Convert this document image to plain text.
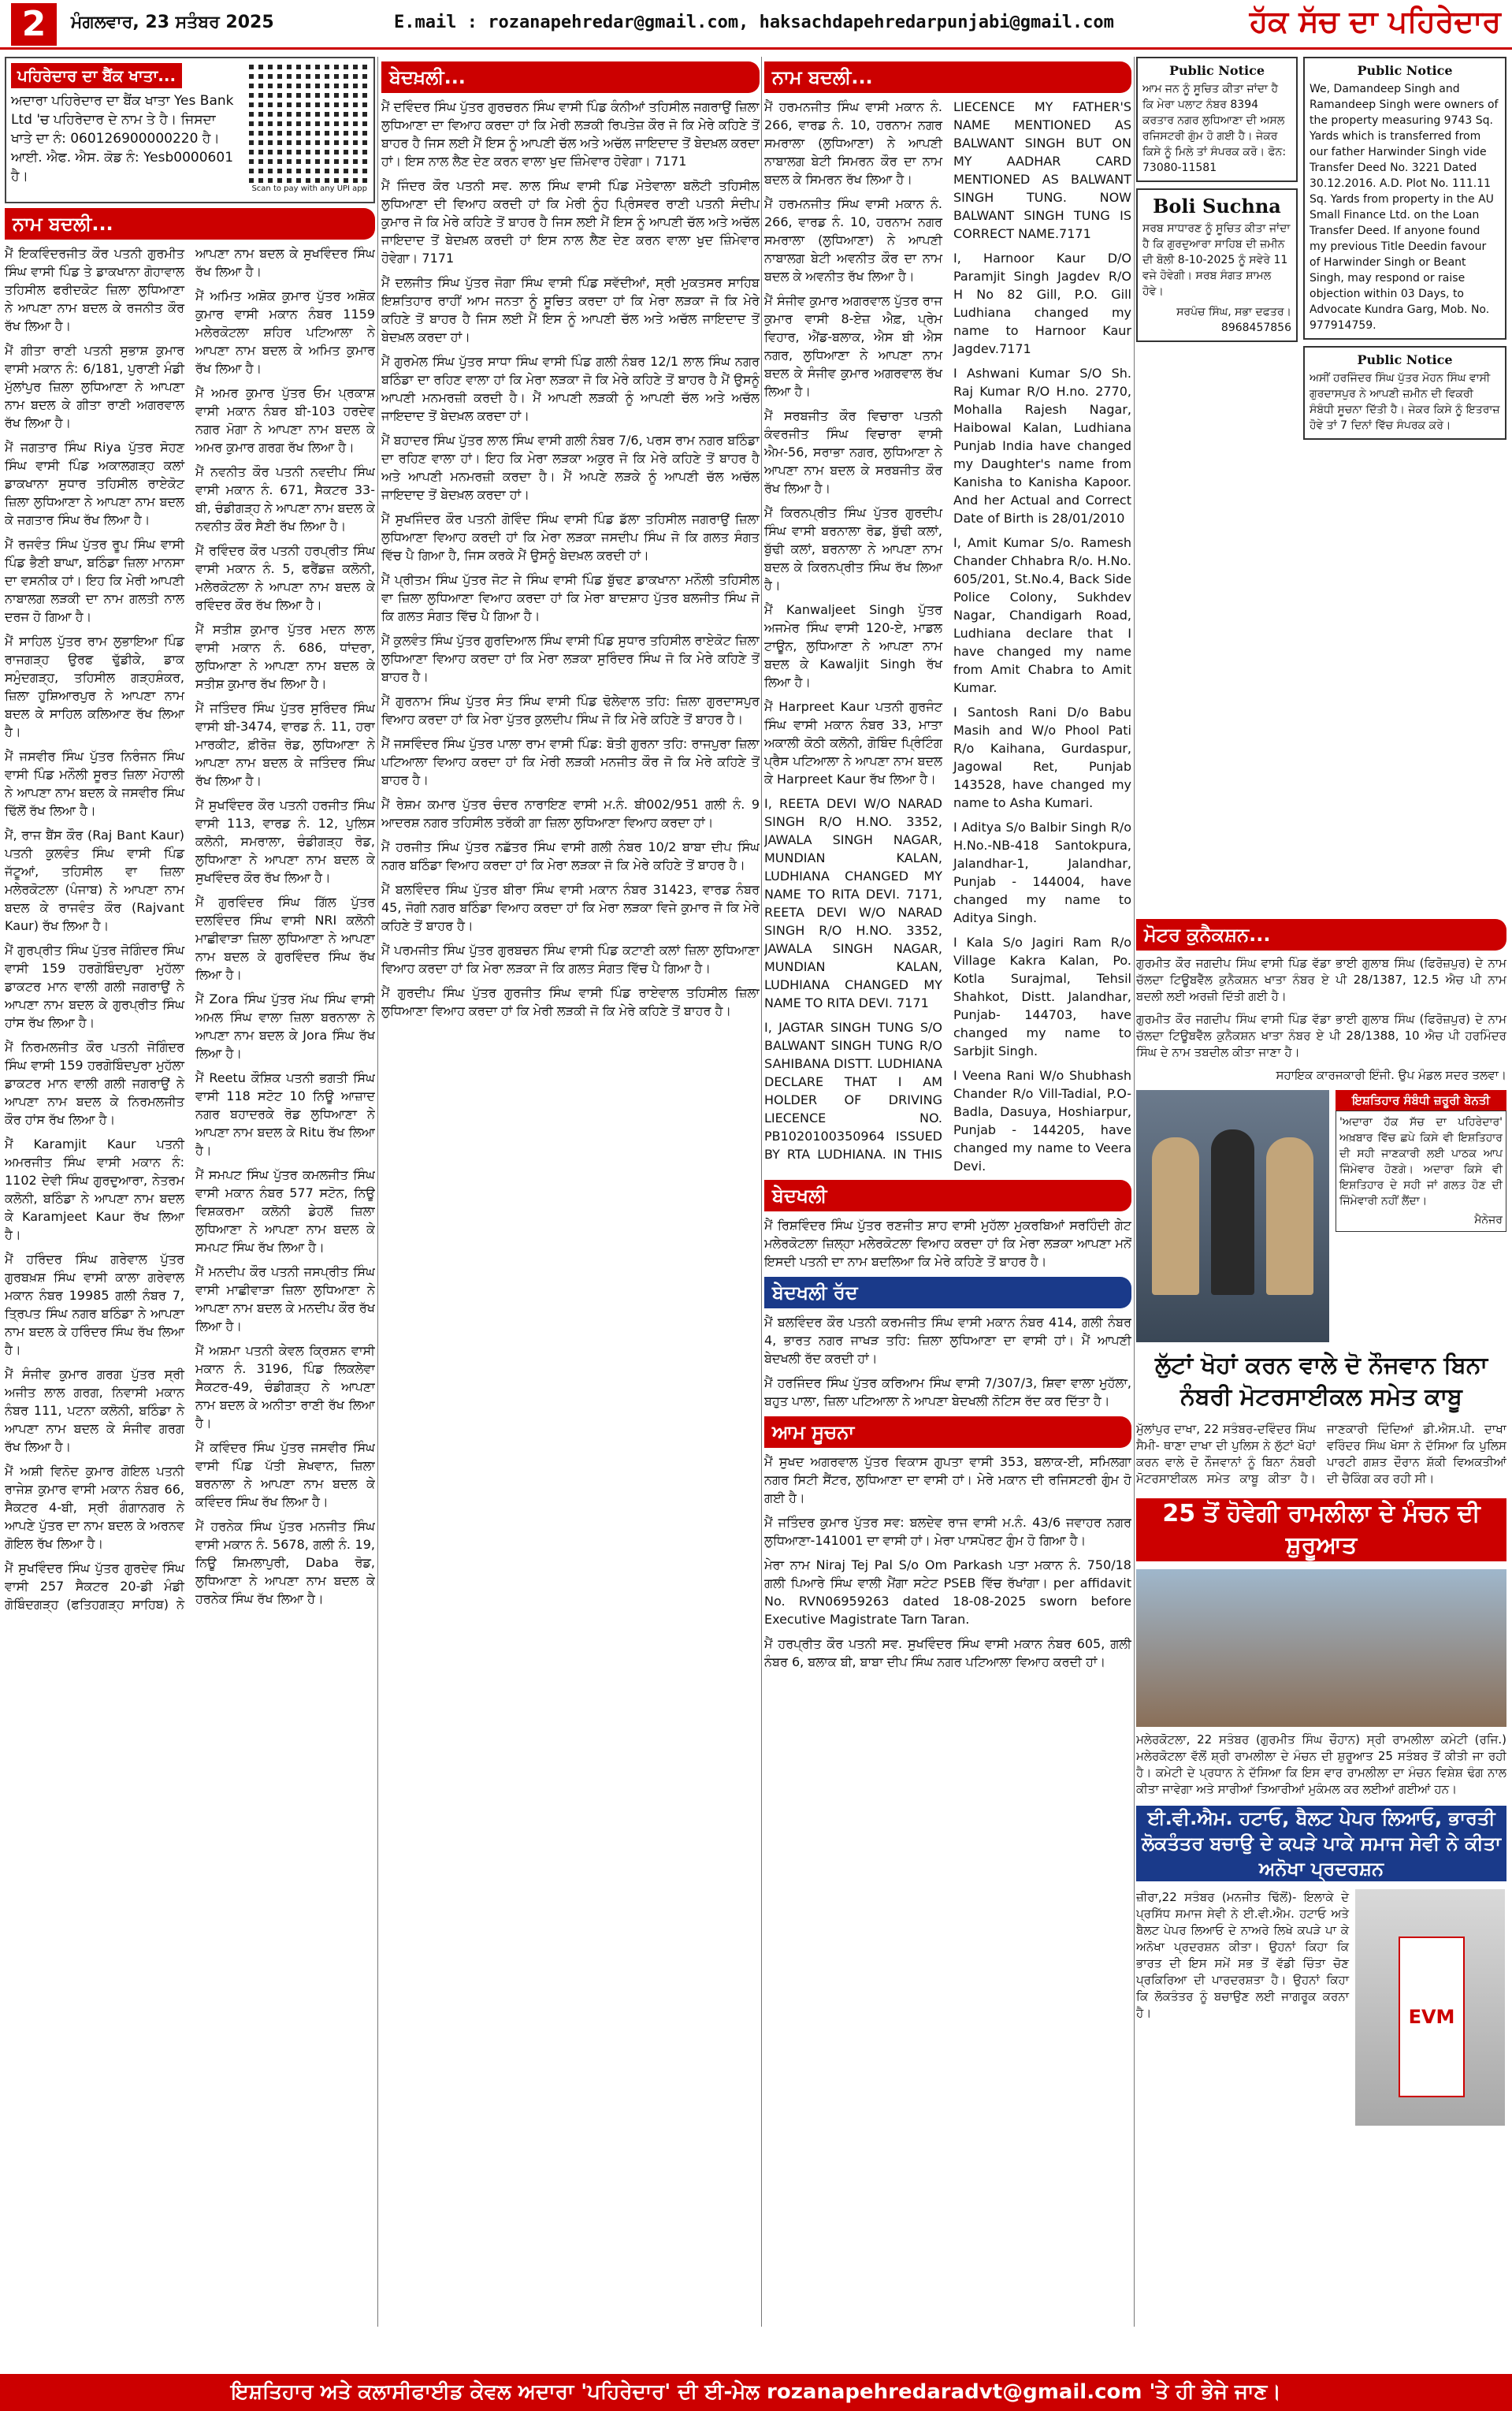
2	ਮੰਗਲਵਾਰ, 23 ਸਤੰਬਰ 2025	E.mail : rozanapehredar@gmail.com, haksachdapehredarpunjabi@gmail.com	ਹੱਕ ਸੱਚ ਦਾ ਪਹਿਰੇਦਾਰ
ਪਹਿਰੇਦਾਰ ਦਾ ਬੈਂਕ ਖਾਤਾ...

ਅਦਾਰਾ ਪਹਿਰੇਦਾਰ ਦਾ ਬੈਂਕ ਖਾਤਾ Yes Bank Ltd 'ਚ ਪਹਿਰੇਦਾਰ ਦੇ ਨਾਮ ਤੇ ਹੈ। ਜਿਸਦਾ ਖਾਤੇ ਦਾ ਨੰ: 060126900000220 ਹੈ। ਆਈ. ਐਫ. ਐਸ. ਕੋਡ ਨੰ: Yesb0000601 ਹੈ।

Scan to pay with any UPI app
ਨਾਮ ਬਦਲੀ...

ਮੈਂ ਇਕਵਿੰਦਰਜੀਤ ਕੌਰ ਪਤਨੀ ਗੁਰਮੀਤ ਸਿੰਘ ਵਾਸੀ ਪਿੰਡ ਤੇ ਡਾਕਖਾਨਾ ਗੋਹਾਵਾਲ ਤਹਿਸੀਲ ਫਰੀਦਕੋਟ ਜ਼ਿਲਾ ਲੁਧਿਆਣਾ ਨੇ ਆਪਣਾ ਨਾਮ ਬਦਲ ਕੇ ਰਜਨੀਤ ਕੌਰ ਰੱਖ ਲਿਆ ਹੈ।

ਮੈਂ ਗੀਤਾ ਰਾਣੀ ਪਤਨੀ ਸੁਭਾਸ਼ ਕੁਮਾਰ ਵਾਸੀ ਮਕਾਨ ਨੰ: 6/181, ਪੁਰਾਣੀ ਮੰਡੀ ਮੁੱਲਾਂਪੁਰ ਜ਼ਿਲਾ ਲੁਧਿਆਣਾ ਨੇ ਆਪਣਾ ਨਾਮ ਬਦਲ ਕੇ ਗੀਤਾ ਰਾਣੀ ਅਗਰਵਾਲ ਰੱਖ ਲਿਆ ਹੈ।

ਮੈਂ ਜਗਤਾਰ ਸਿੰਘ Riya ਪੁੱਤਰ ਸੋਹਣ ਸਿੰਘ ਵਾਸੀ ਪਿੰਡ ਅਕਾਲਗੜ੍ਹ ਕਲਾਂ ਡਾਕਖਾਨਾ ਸੁਧਾਰ ਤਹਿਸੀਲ ਰਾਏਕੋਟ ਜ਼ਿਲਾ ਲੁਧਿਆਣਾ ਨੇ ਆਪਣਾ ਨਾਮ ਬਦਲ ਕੇ ਜਗਤਾਰ ਸਿੰਘ ਰੱਖ ਲਿਆ ਹੈ।

ਮੈਂ ਰਜਵੰਤ ਸਿੰਘ ਪੁੱਤਰ ਰੂਪ ਸਿੰਘ ਵਾਸੀ ਪਿੰਡ ਭੈਣੀ ਬਾਘਾ, ਬਠਿੰਡਾ ਜ਼ਿਲਾ ਮਾਨਸਾ ਦਾ ਵਸਨੀਕ ਹਾਂ। ਇਹ ਕਿ ਮੇਰੀ ਆਪਣੀ ਨਾਬਾਲਗ ਲੜਕੀ ਦਾ ਨਾਮ ਗਲਤੀ ਨਾਲ ਦਰਜ ਹੋ ਗਿਆ ਹੈ।

ਮੈਂ ਸਾਹਿਲ ਪੁੱਤਰ ਰਾਮ ਲੁਭਾਇਆ ਪਿੰਡ ਰਾਜਗੜ੍ਹ ਉਰਫ ਢੁੱਡੀਕੇ, ਡਾਕ ਸਮੁੰਦਗੜ੍ਹ, ਤਹਿਸੀਲ ਗੜ੍ਹਸ਼ੰਕਰ, ਜ਼ਿਲਾ ਹੁਸ਼ਿਆਰਪੁਰ ਨੇ ਆਪਣਾ ਨਾਮ ਬਦਲ ਕੇ ਸਾਹਿਲ ਕਲਿਆਣ ਰੱਖ ਲਿਆ ਹੈ।

ਮੈਂ ਜਸਵੀਰ ਸਿੰਘ ਪੁੱਤਰ ਨਿਰੰਜਨ ਸਿੰਘ ਵਾਸੀ ਪਿੰਡ ਮਨੌਲੀ ਸੂਰਤ ਜ਼ਿਲਾ ਮੋਹਾਲੀ ਨੇ ਆਪਣਾ ਨਾਮ ਬਦਲ ਕੇ ਜਸਵੀਰ ਸਿੰਘ ਢਿੱਲੋਂ ਰੱਖ ਲਿਆ ਹੈ।

ਮੈਂ, ਰਾਜ ਬੈਂਸ ਕੌਰ (Raj Bant Kaur) ਪਤਨੀ ਕੁਲਵੰਤ ਸਿੰਘ ਵਾਸੀ ਪਿੰਡ ਜੱਟੂਆਂ, ਤਹਿਸੀਲ ਵਾ ਜ਼ਿਲਾ ਮਲੇਰਕੋਟਲਾ (ਪੰਜਾਬ) ਨੇ ਆਪਣਾ ਨਾਮ ਬਦਲ ਕੇ ਰਾਜਵੰਤ ਕੌਰ (Rajvant Kaur) ਰੱਖ ਲਿਆ ਹੈ।

ਮੈਂ ਗੁਰਪ੍ਰੀਤ ਸਿੰਘ ਪੁੱਤਰ ਜੋਗਿੰਦਰ ਸਿੰਘ ਵਾਸੀ 159 ਹਰਗੋਬਿੰਦਪੁਰਾ ਮੁਹੱਲਾ ਡਾਕਟਰ ਮਾਨ ਵਾਲੀ ਗਲੀ ਜਗਰਾਉਂ ਨੇ ਆਪਣਾ ਨਾਮ ਬਦਲ ਕੇ ਗੁਰਪ੍ਰੀਤ ਸਿੰਘ ਹਾਂਸ ਰੱਖ ਲਿਆ ਹੈ।

ਮੈਂ ਨਿਰਮਲਜੀਤ ਕੌਰ ਪਤਨੀ ਜੋਗਿੰਦਰ ਸਿੰਘ ਵਾਸੀ 159 ਹਰਗੋਬਿੰਦਪੁਰਾ ਮੁਹੱਲਾ ਡਾਕਟਰ ਮਾਨ ਵਾਲੀ ਗਲੀ ਜਗਰਾਉਂ ਨੇ ਆਪਣਾ ਨਾਮ ਬਦਲ ਕੇ ਨਿਰਮਲਜੀਤ ਕੌਰ ਹਾਂਸ ਰੱਖ ਲਿਆ ਹੈ।

ਮੈਂ Karamjit Kaur ਪਤਨੀ ਅਮਰਜੀਤ ਸਿੰਘ ਵਾਸੀ ਮਕਾਨ ਨੰ: 1102 ਦੇਵੀ ਸਿੰਘ ਗੁਰਦੁਆਰਾ, ਨੇਤਰਮ ਕਲੋਨੀ, ਬਠਿੰਡਾ ਨੇ ਆਪਣਾ ਨਾਮ ਬਦਲ ਕੇ Karamjeet Kaur ਰੱਖ ਲਿਆ ਹੈ।

ਮੈਂ ਹਰਿੰਦਰ ਸਿੰਘ ਗਰੇਵਾਲ ਪੁੱਤਰ ਗੁਰਬਖ਼ਸ਼ ਸਿੰਘ ਵਾਸੀ ਕਾਲਾ ਗਰੇਵਾਲ ਮਕਾਨ ਨੰਬਰ 19985 ਗਲੀ ਨੰਬਰ 7, ਤ੍ਰਿਪਤ ਸਿੰਘ ਨਗਰ ਬਠਿੰਡਾ ਨੇ ਆਪਣਾ ਨਾਮ ਬਦਲ ਕੇ ਹਰਿੰਦਰ ਸਿੰਘ ਰੱਖ ਲਿਆ ਹੈ।

ਮੈਂ ਸੰਜੀਵ ਕੁਮਾਰ ਗਰਗ ਪੁੱਤਰ ਸ੍ਰੀ ਅਜੀਤ ਲਾਲ ਗਰਗ, ਨਿਵਾਸੀ ਮਕਾਨ ਨੰਬਰ 111, ਪਟਨਾ ਕਲੋਨੀ, ਬਠਿੰਡਾ ਨੇ ਆਪਣਾ ਨਾਮ ਬਦਲ ਕੇ ਸੰਜੀਵ ਗਰਗ ਰੱਖ ਲਿਆ ਹੈ।

ਮੈਂ ਅਸ਼ੀ ਵਿਨੋਦ ਕੁਮਾਰ ਗੋਇਲ ਪਤਨੀ ਰਾਜੇਸ਼ ਕੁਮਾਰ ਵਾਸੀ ਮਕਾਨ ਨੰਬਰ 66, ਸੈਕਟਰ 4-ਬੀ, ਸ੍ਰੀ ਗੰਗਾਨਗਰ ਨੇ ਆਪਣੇ ਪੁੱਤਰ ਦਾ ਨਾਮ ਬਦਲ ਕੇ ਅਰਨਵ ਗੋਇਲ ਰੱਖ ਲਿਆ ਹੈ।

ਮੈਂ ਸੁਖਵਿੰਦਰ ਸਿੰਘ ਪੁੱਤਰ ਗੁਰਦੇਵ ਸਿੰਘ ਵਾਸੀ 257 ਸੈਕਟਰ 20-ਡੀ ਮੰਡੀ ਗੋਬਿੰਦਗੜ੍ਹ (ਫਤਿਹਗੜ੍ਹ ਸਾਹਿਬ) ਨੇ ਆਪਣਾ ਨਾਮ ਬਦਲ ਕੇ ਸੁਖਵਿੰਦਰ ਸਿੰਘ ਰੱਖ ਲਿਆ ਹੈ।

ਮੈਂ ਅਮਿਤ ਅਸ਼ੋਕ ਕੁਮਾਰ ਪੁੱਤਰ ਅਸ਼ੋਕ ਕੁਮਾਰ ਵਾਸੀ ਮਕਾਨ ਨੰਬਰ 1159 ਮਲੇਰਕੋਟਲਾ ਸ਼ਹਿਰ ਪਟਿਆਲਾ ਨੇ ਆਪਣਾ ਨਾਮ ਬਦਲ ਕੇ ਅਮਿਤ ਕੁਮਾਰ ਰੱਖ ਲਿਆ ਹੈ।

ਮੈਂ ਅਮਰ ਕੁਮਾਰ ਪੁੱਤਰ ਓਮ ਪ੍ਰਕਾਸ਼ ਵਾਸੀ ਮਕਾਨ ਨੰਬਰ ਬੀ-103 ਹਰਦੇਵ ਨਗਰ ਮੋਗਾ ਨੇ ਆਪਣਾ ਨਾਮ ਬਦਲ ਕੇ ਅਮਰ ਕੁਮਾਰ ਗਰਗ ਰੱਖ ਲਿਆ ਹੈ।

ਮੈਂ ਨਵਨੀਤ ਕੌਰ ਪਤਨੀ ਨਵਦੀਪ ਸਿੰਘ ਵਾਸੀ ਮਕਾਨ ਨੰ. 671, ਸੈਕਟਰ 33-ਬੀ, ਚੰਡੀਗੜ੍ਹ ਨੇ ਆਪਣਾ ਨਾਮ ਬਦਲ ਕੇ ਨਵਨੀਤ ਕੌਰ ਸੈਣੀ ਰੱਖ ਲਿਆ ਹੈ।

ਮੈਂ ਰਵਿੰਦਰ ਕੌਰ ਪਤਨੀ ਹਰਪ੍ਰੀਤ ਸਿੰਘ ਵਾਸੀ ਮਕਾਨ ਨੰ. 5, ਫਰੈਂਡਜ਼ ਕਲੋਨੀ, ਮਲੇਰਕੋਟਲਾ ਨੇ ਆਪਣਾ ਨਾਮ ਬਦਲ ਕੇ ਰਵਿੰਦਰ ਕੌਰ ਰੱਖ ਲਿਆ ਹੈ।

ਮੈਂ ਸਤੀਸ਼ ਕੁਮਾਰ ਪੁੱਤਰ ਮਦਨ ਲਾਲ ਵਾਸੀ ਮਕਾਨ ਨੰ. 686, ਧਾਂਦਰਾ, ਲੁਧਿਆਣਾ ਨੇ ਆਪਣਾ ਨਾਮ ਬਦਲ ਕੇ ਸਤੀਸ਼ ਕੁਮਾਰ ਰੱਖ ਲਿਆ ਹੈ।

ਮੈਂ ਜਤਿੰਦਰ ਸਿੰਘ ਪੁੱਤਰ ਸੁਰਿੰਦਰ ਸਿੰਘ ਵਾਸੀ ਬੀ-3474, ਵਾਰਡ ਨੰ. 11, ਹਰਾ ਮਾਰਕੀਟ, ਫ਼ੀਰੋਜ਼ ਰੋਡ, ਲੁਧਿਆਣਾ ਨੇ ਆਪਣਾ ਨਾਮ ਬਦਲ ਕੇ ਜਤਿੰਦਰ ਸਿੰਘ ਰੱਖ ਲਿਆ ਹੈ।

ਮੈਂ ਸੁਖਵਿੰਦਰ ਕੌਰ ਪਤਨੀ ਹਰਜੀਤ ਸਿੰਘ ਵਾਸੀ 113, ਵਾਰਡ ਨੰ. 12, ਪੁਲਿਸ ਕਲੋਨੀ, ਸਮਰਾਲਾ, ਚੰਡੀਗੜ੍ਹ ਰੋਡ, ਲੁਧਿਆਣਾ ਨੇ ਆਪਣਾ ਨਾਮ ਬਦਲ ਕੇ ਸੁਖਵਿੰਦਰ ਕੌਰ ਰੱਖ ਲਿਆ ਹੈ।

ਮੈਂ ਗੁਰਵਿੰਦਰ ਸਿੰਘ ਗਿੱਲ ਪੁੱਤਰ ਦਲਵਿੰਦਰ ਸਿੰਘ ਵਾਸੀ NRI ਕਲੋਨੀ ਮਾਛੀਵਾੜਾ ਜ਼ਿਲਾ ਲੁਧਿਆਣਾ ਨੇ ਆਪਣਾ ਨਾਮ ਬਦਲ ਕੇ ਗੁਰਵਿੰਦਰ ਸਿੰਘ ਰੱਖ ਲਿਆ ਹੈ।

ਮੈਂ Zora ਸਿੰਘ ਪੁੱਤਰ ਮੱਘ ਸਿੰਘ ਵਾਸੀ ਅਮਲ ਸਿੰਘ ਵਾਲਾ ਜ਼ਿਲਾ ਬਰਨਾਲਾ ਨੇ ਆਪਣਾ ਨਾਮ ਬਦਲ ਕੇ Jora ਸਿੰਘ ਰੱਖ ਲਿਆ ਹੈ।

ਮੈਂ Reetu ਕੌਸ਼ਿਕ ਪਤਨੀ ਭਗਤੀ ਸਿੰਘ ਵਾਸੀ 118 ਸਟੋਟ 10 ਨਿਊ ਆਜ਼ਾਦ ਨਗਰ ਬਹਾਦਰਕੇ ਰੋਡ ਲੁਧਿਆਣਾ ਨੇ ਆਪਣਾ ਨਾਮ ਬਦਲ ਕੇ Ritu ਰੱਖ ਲਿਆ ਹੈ।

ਮੈਂ ਸਮਪਟ ਸਿੰਘ ਪੁੱਤਰ ਕਮਲਜੀਤ ਸਿੰਘ ਵਾਸੀ ਮਕਾਨ ਨੰਬਰ 577 ਸਟੋਨ, ਨਿਊ ਵਿਸ਼ਕਰਮਾ ਕਲੋਨੀ ਡੇਹਲੋਂ ਜ਼ਿਲਾ ਲੁਧਿਆਣਾ ਨੇ ਆਪਣਾ ਨਾਮ ਬਦਲ ਕੇ ਸਮਪਟ ਸਿੰਘ ਰੱਖ ਲਿਆ ਹੈ।

ਮੈਂ ਮਨਦੀਪ ਕੌਰ ਪਤਨੀ ਜਸਪ੍ਰੀਤ ਸਿੰਘ ਵਾਸੀ ਮਾਛੀਵਾੜਾ ਜ਼ਿਲਾ ਲੁਧਿਆਣਾ ਨੇ ਆਪਣਾ ਨਾਮ ਬਦਲ ਕੇ ਮਨਦੀਪ ਕੌਰ ਰੱਖ ਲਿਆ ਹੈ।

ਮੈਂ ਅਸ਼ਮਾ ਪਤਨੀ ਕੇਵਲ ਕ੍ਰਿਸ਼ਨ ਵਾਸੀ ਮਕਾਨ ਨੰ. 3196, ਪਿੰਡ ਲਿਕਲੇਵਾ ਸੈਕਟਰ-49, ਚੰਡੀਗੜ੍ਹ ਨੇ ਆਪਣਾ ਨਾਮ ਬਦਲ ਕੇ ਅਨੀਤਾ ਰਾਣੀ ਰੱਖ ਲਿਆ ਹੈ।

ਮੈਂ ਕਵਿੰਦਰ ਸਿੰਘ ਪੁੱਤਰ ਜਸਵੀਰ ਸਿੰਘ ਵਾਸੀ ਪਿੰਡ ਪੱਤੀ ਸ਼ੇਖਵਾਨ, ਜ਼ਿਲਾ ਬਰਨਾਲਾ ਨੇ ਆਪਣਾ ਨਾਮ ਬਦਲ ਕੇ ਕਵਿੰਦਰ ਸਿੰਘ ਰੱਖ ਲਿਆ ਹੈ।

ਮੈਂ ਹਰਨੇਕ ਸਿੰਘ ਪੁੱਤਰ ਮਨਜੀਤ ਸਿੰਘ ਵਾਸੀ ਮਕਾਨ ਨੰ. 5678, ਗਲੀ ਨੰ. 19, ਨਿਊ ਸ਼ਿਮਲਾਪੁਰੀ, Daba ਰੋਡ, ਲੁਧਿਆਣਾ ਨੇ ਆਪਣਾ ਨਾਮ ਬਦਲ ਕੇ ਹਰਨੇਕ ਸਿੰਘ ਰੱਖ ਲਿਆ ਹੈ।

ਬੇਦਖ਼ਲੀ...

ਮੈਂ ਦਵਿੰਦਰ ਸਿੰਘ ਪੁੱਤਰ ਗੁਰਚਰਨ ਸਿੰਘ ਵਾਸੀ ਪਿੰਡ ਕੰਨੀਆਂ ਤਹਿਸੀਲ ਜਗਰਾਉਂ ਜ਼ਿਲਾ ਲੁਧਿਆਣਾ ਦਾ ਵਿਆਹ ਕਰਦਾ ਹਾਂ ਕਿ ਮੇਰੀ ਲੜਕੀ ਰਿਪਤੇਜ਼ ਕੌਰ ਜੋ ਕਿ ਮੇਰੇ ਕਹਿਣੇ ਤੋਂ ਬਾਹਰ ਹੈ ਜਿਸ ਲਈ ਮੈਂ ਇਸ ਨੂੰ ਆਪਣੀ ਚੱਲ ਅਤੇ ਅਚੱਲ ਜਾਇਦਾਦ ਤੋਂ ਬੇਦਖ਼ਲ ਕਰਦਾ ਹਾਂ। ਇਸ ਨਾਲ ਲੈਣ ਦੇਣ ਕਰਨ ਵਾਲਾ ਖੁਦ ਜ਼ਿੰਮੇਵਾਰ ਹੋਵੇਗਾ। 7171

ਮੈਂ ਜਿੰਦਰ ਕੌਰ ਪਤਨੀ ਸਵ. ਲਾਲ ਸਿੰਘ ਵਾਸੀ ਪਿੰਡ ਮੋਤੇਵਾਲਾ ਬਲੋਟੀ ਤਹਿਸੀਲ ਲੁਧਿਆਣਾ ਦੀ ਵਿਆਹ ਕਰਦੀ ਹਾਂ ਕਿ ਮੇਰੀ ਨੂੰਹ ਪ੍ਰਿੰਸਵਰ ਰਾਣੀ ਪਤਨੀ ਸੰਦੀਪ ਕੁਮਾਰ ਜੋ ਕਿ ਮੇਰੇ ਕਹਿਣੇ ਤੋਂ ਬਾਹਰ ਹੈ ਜਿਸ ਲਈ ਮੈਂ ਇਸ ਨੂੰ ਆਪਣੀ ਚੱਲ ਅਤੇ ਅਚੱਲ ਜਾਇਦਾਦ ਤੋਂ ਬੇਦਖ਼ਲ ਕਰਦੀ ਹਾਂ ਇਸ ਨਾਲ ਲੈਣ ਦੇਣ ਕਰਨ ਵਾਲਾ ਖੁਦ ਜ਼ਿੰਮੇਵਾਰ ਹੋਵੇਗਾ। 7171

ਮੈਂ ਦਲਜੀਤ ਸਿੰਘ ਪੁੱਤਰ ਜੋਗਾ ਸਿੰਘ ਵਾਸੀ ਪਿੰਡ ਸਵੱਦੀਆਂ, ਸ੍ਰੀ ਮੁਕਤਸਰ ਸਾਹਿਬ ਇਸ਼ਤਿਹਾਰ ਰਾਹੀਂ ਆਮ ਜਨਤਾ ਨੂੰ ਸੂਚਿਤ ਕਰਦਾ ਹਾਂ ਕਿ ਮੇਰਾ ਲੜਕਾ ਜੋ ਕਿ ਮੇਰੇ ਕਹਿਣੇ ਤੋਂ ਬਾਹਰ ਹੈ ਜਿਸ ਲਈ ਮੈਂ ਇਸ ਨੂੰ ਆਪਣੀ ਚੱਲ ਅਤੇ ਅਚੱਲ ਜਾਇਦਾਦ ਤੋਂ ਬੇਦਖ਼ਲ ਕਰਦਾ ਹਾਂ।

ਮੈਂ ਗੁਰਮੇਲ ਸਿੰਘ ਪੁੱਤਰ ਸਾਧਾ ਸਿੰਘ ਵਾਸੀ ਪਿੰਡ ਗਲੀ ਨੰਬਰ 12/1 ਲਾਲ ਸਿੰਘ ਨਗਰ ਬਠਿੰਡਾ ਦਾ ਰਹਿਣ ਵਾਲਾ ਹਾਂ ਕਿ ਮੇਰਾ ਲੜਕਾ ਜੋ ਕਿ ਮੇਰੇ ਕਹਿਣੇ ਤੋਂ ਬਾਹਰ ਹੈ ਮੈਂ ਉਸਨੂੰ ਆਪਣੀ ਮਨਮਰਜ਼ੀ ਕਰਦੀ ਹੈ। ਮੈਂ ਆਪਣੀ ਲੜਕੀ ਨੂੰ ਆਪਣੀ ਚੱਲ ਅਤੇ ਅਚੱਲ ਜਾਇਦਾਦ ਤੋਂ ਬੇਦਖ਼ਲ ਕਰਦਾ ਹਾਂ।

ਮੈਂ ਬਹਾਦਰ ਸਿੰਘ ਪੁੱਤਰ ਲਾਲ ਸਿੰਘ ਵਾਸੀ ਗਲੀ ਨੰਬਰ 7/6, ਪਰਸ ਰਾਮ ਨਗਰ ਬਠਿੰਡਾ ਦਾ ਰਹਿਣ ਵਾਲਾ ਹਾਂ। ਇਹ ਕਿ ਮੇਰਾ ਲੜਕਾ ਅਕੁਰ ਜੋ ਕਿ ਮੇਰੇ ਕਹਿਣੇ ਤੋਂ ਬਾਹਰ ਹੈ ਅਤੇ ਆਪਣੀ ਮਨਮਰਜ਼ੀ ਕਰਦਾ ਹੈ। ਮੈਂ ਅਪਣੇ ਲੜਕੇ ਨੂੰ ਆਪਣੀ ਚੱਲ ਅਚੱਲ ਜਾਇਦਾਦ ਤੋਂ ਬੇਦਖ਼ਲ ਕਰਦਾ ਹਾਂ।

ਮੈਂ ਸੁਖਜਿੰਦਰ ਕੌਰ ਪਤਨੀ ਗੋਵਿੰਦ ਸਿੰਘ ਵਾਸੀ ਪਿੰਡ ਡੱਲਾ ਤਹਿਸੀਲ ਜਗਰਾਉਂ ਜ਼ਿਲਾ ਲੁਧਿਆਣਾ ਵਿਆਹ ਕਰਦੀ ਹਾਂ ਕਿ ਮੇਰਾ ਲੜਕਾ ਜਸਦੀਪ ਸਿੰਘ ਜੋ ਕਿ ਗਲਤ ਸੰਗਤ ਵਿੱਚ ਪੈ ਗਿਆ ਹੈ, ਜਿਸ ਕਰਕੇ ਮੈਂ ਉਸਨੂੰ ਬੇਦਖ਼ਲ ਕਰਦੀ ਹਾਂ।

ਮੈਂ ਪ੍ਰੀਤਮ ਸਿੰਘ ਪੁੱਤਰ ਜੋਟ ਜੇ ਸਿੰਘ ਵਾਸੀ ਪਿੰਡ ਬੁੱਢਣ ਡਾਕਖਾਨਾ ਮਨੌਲੀ ਤਹਿਸੀਲ ਵਾ ਜ਼ਿਲਾ ਲੁਧਿਆਣਾ ਵਿਆਹ ਕਰਦਾ ਹਾਂ ਕਿ ਮੇਰਾ ਬਾਦਸ਼ਾਹ ਪੁੱਤਰ ਬਲਜੀਤ ਸਿੰਘ ਜੋ ਕਿ ਗਲਤ ਸੰਗਤ ਵਿੱਚ ਪੈ ਗਿਆ ਹੈ।

ਮੈਂ ਕੁਲਵੰਤ ਸਿੰਘ ਪੁੱਤਰ ਗੁਰਦਿਆਲ ਸਿੰਘ ਵਾਸੀ ਪਿੰਡ ਸੁਧਾਰ ਤਹਿਸੀਲ ਰਾਏਕੋਟ ਜ਼ਿਲਾ ਲੁਧਿਆਣਾ ਵਿਆਹ ਕਰਦਾ ਹਾਂ ਕਿ ਮੇਰਾ ਲੜਕਾ ਸੁਰਿੰਦਰ ਸਿੰਘ ਜੋ ਕਿ ਮੇਰੇ ਕਹਿਣੇ ਤੋਂ ਬਾਹਰ ਹੈ।

ਮੈਂ ਗੁਰਨਾਮ ਸਿੰਘ ਪੁੱਤਰ ਸੰਤ ਸਿੰਘ ਵਾਸੀ ਪਿੰਡ ਢੋਲੇਵਾਲ ਤਹਿ: ਜ਼ਿਲਾ ਗੁਰਦਾਸਪੁਰ ਵਿਆਹ ਕਰਦਾ ਹਾਂ ਕਿ ਮੇਰਾ ਪੁੱਤਰ ਕੁਲਦੀਪ ਸਿੰਘ ਜੋ ਕਿ ਮੇਰੇ ਕਹਿਣੇ ਤੋਂ ਬਾਹਰ ਹੈ।

ਮੈਂ ਜਸਵਿੰਦਰ ਸਿੰਘ ਪੁੱਤਰ ਪਾਲਾ ਰਾਮ ਵਾਸੀ ਪਿੰਡ: ਬੋਤੀ ਗੁਰਨਾ ਤਹਿ: ਰਾਜਪੁਰਾ ਜ਼ਿਲਾ ਪਟਿਆਲਾ ਵਿਆਹ ਕਰਦਾ ਹਾਂ ਕਿ ਮੇਰੀ ਲੜਕੀ ਮਨਜੀਤ ਕੌਰ ਜੋ ਕਿ ਮੇਰੇ ਕਹਿਣੇ ਤੋਂ ਬਾਹਰ ਹੈ।

ਮੈਂ ਰੇਸ਼ਮ ਕਮਾਰ ਪੁੱਤਰ ਚੰਦਰ ਨਾਰਾਇਣ ਵਾਸੀ ਮ.ਨੰ. ਬੀ002/951 ਗਲੀ ਨੰ. 9 ਆਦਰਸ਼ ਨਗਰ ਤਹਿਸੀਲ ਤਰੱਕੀ ਗਾ ਜ਼ਿਲਾ ਲੁਧਿਆਣਾ ਵਿਆਹ ਕਰਦਾ ਹਾਂ।

ਮੈਂ ਹਰਜੀਤ ਸਿੰਘ ਪੁੱਤਰ ਨਛੱਤਰ ਸਿੰਘ ਵਾਸੀ ਗਲੀ ਨੰਬਰ 10/2 ਬਾਬਾ ਦੀਪ ਸਿੰਘ ਨਗਰ ਬਠਿੰਡਾ ਵਿਆਹ ਕਰਦਾ ਹਾਂ ਕਿ ਮੇਰਾ ਲੜਕਾ ਜੋ ਕਿ ਮੇਰੇ ਕਹਿਣੇ ਤੋਂ ਬਾਹਰ ਹੈ।

ਮੈਂ ਬਲਵਿੰਦਰ ਸਿੰਘ ਪੁੱਤਰ ਬੀਰਾ ਸਿੰਘ ਵਾਸੀ ਮਕਾਨ ਨੰਬਰ 31423, ਵਾਰਡ ਨੰਬਰ 45, ਜੋਗੀ ਨਗਰ ਬਠਿੰਡਾ ਵਿਆਹ ਕਰਦਾ ਹਾਂ ਕਿ ਮੇਰਾ ਲੜਕਾ ਵਿਜੇ ਕੁਮਾਰ ਜੋ ਕਿ ਮੇਰੇ ਕਹਿਣੇ ਤੋਂ ਬਾਹਰ ਹੈ।

ਮੈਂ ਪਰਮਜੀਤ ਸਿੰਘ ਪੁੱਤਰ ਗੁਰਬਚਨ ਸਿੰਘ ਵਾਸੀ ਪਿੰਡ ਕਟਾਣੀ ਕਲਾਂ ਜ਼ਿਲਾ ਲੁਧਿਆਣਾ ਵਿਆਹ ਕਰਦਾ ਹਾਂ ਕਿ ਮੇਰਾ ਲੜਕਾ ਜੋ ਕਿ ਗਲਤ ਸੰਗਤ ਵਿੱਚ ਪੈ ਗਿਆ ਹੈ।

ਮੈਂ ਗੁਰਦੀਪ ਸਿੰਘ ਪੁੱਤਰ ਗੁਰਜੀਤ ਸਿੰਘ ਵਾਸੀ ਪਿੰਡ ਰਾਏਵਾਲ ਤਹਿਸੀਲ ਜ਼ਿਲਾ ਲੁਧਿਆਣਾ ਵਿਆਹ ਕਰਦਾ ਹਾਂ ਕਿ ਮੇਰੀ ਲੜਕੀ ਜੋ ਕਿ ਮੇਰੇ ਕਹਿਣੇ ਤੋਂ ਬਾਹਰ ਹੈ।

ਨਾਮ ਬਦਲੀ...

ਮੈਂ ਹਰਮਨਜੀਤ ਸਿੰਘ ਵਾਸੀ ਮਕਾਨ ਨੰ. 266, ਵਾਰਡ ਨੰ. 10, ਹਰਨਾਮ ਨਗਰ ਸਮਰਾਲਾ (ਲੁਧਿਆਣਾ) ਨੇ ਆਪਣੀ ਨਾਬਾਲਗ ਬੇਟੀ ਸਿਮਰਨ ਕੌਰ ਦਾ ਨਾਮ ਬਦਲ ਕੇ ਸਿਮਰਨ ਰੱਖ ਲਿਆ ਹੈ।

ਮੈਂ ਹਰਮਨਜੀਤ ਸਿੰਘ ਵਾਸੀ ਮਕਾਨ ਨੰ. 266, ਵਾਰਡ ਨੰ. 10, ਹਰਨਾਮ ਨਗਰ ਸਮਰਾਲਾ (ਲੁਧਿਆਣਾ) ਨੇ ਆਪਣੀ ਨਾਬਾਲਗ ਬੇਟੀ ਅਵਨੀਤ ਕੌਰ ਦਾ ਨਾਮ ਬਦਲ ਕੇ ਅਵਨੀਤ ਰੱਖ ਲਿਆ ਹੈ।

ਮੈਂ ਸੰਜੀਵ ਕੁਮਾਰ ਅਗਰਵਾਲ ਪੁੱਤਰ ਰਾਜ ਕੁਮਾਰ ਵਾਸੀ 8-ਏਜ਼ ਐਫ਼, ਪ੍ਰੇਮ ਵਿਹਾਰ, ਐਂਡ-ਬਲਾਕ, ਐਸ ਬੀ ਐਸ ਨਗਰ, ਲੁਧਿਆਣਾ ਨੇ ਆਪਣਾ ਨਾਮ ਬਦਲ ਕੇ ਸੰਜੀਵ ਕੁਮਾਰ ਅਗਰਵਾਲ ਰੱਖ ਲਿਆ ਹੈ।

ਮੈਂ ਸਰਬਜੀਤ ਕੌਰ ਵਿਚਾਰਾ ਪਤਨੀ ਕੰਵਰਜੀਤ ਸਿੰਘ ਵਿਚਾਰਾ ਵਾਸੀ ਐਮ-56, ਸਰਾਭਾ ਨਗਰ, ਲੁਧਿਆਣਾ ਨੇ ਆਪਣਾ ਨਾਮ ਬਦਲ ਕੇ ਸਰਬਜੀਤ ਕੌਰ ਰੱਖ ਲਿਆ ਹੈ।

ਮੈਂ ਕਿਰਨਪ੍ਰੀਤ ਸਿੰਘ ਪੁੱਤਰ ਗੁਰਦੀਪ ਸਿੰਘ ਵਾਸੀ ਬਰਨਾਲਾ ਰੋਡ, ਬੁੱਢੀ ਕਲਾਂ, ਬੁੱਢੀ ਕਲਾਂ, ਬਰਨਾਲਾ ਨੇ ਆਪਣਾ ਨਾਮ ਬਦਲ ਕੇ ਕਿਰਨਪ੍ਰੀਤ ਸਿੰਘ ਰੱਖ ਲਿਆ ਹੈ।

ਮੈਂ Kanwaljeet Singh ਪੁੱਤਰ ਅਜਮੇਰ ਸਿੰਘ ਵਾਸੀ 120-ਏ, ਮਾਡਲ ਟਾਊਨ, ਲੁਧਿਆਣਾ ਨੇ ਆਪਣਾ ਨਾਮ ਬਦਲ ਕੇ Kawaljit Singh ਰੱਖ ਲਿਆ ਹੈ।

ਮੈਂ Harpreet Kaur ਪਤਨੀ ਗੁਰਜੰਟ ਸਿੰਘ ਵਾਸੀ ਮਕਾਨ ਨੰਬਰ 33, ਮਾਤਾ ਅਕਾਲੀ ਕੋਠੀ ਕਲੋਨੀ, ਗੋਬਿੰਦ ਪ੍ਰਿੰਟਿੰਗ ਪ੍ਰੈਸ ਪਟਿਆਲਾ ਨੇ ਆਪਣਾ ਨਾਮ ਬਦਲ ਕੇ Harpreet Kaur ਰੱਖ ਲਿਆ ਹੈ।

I, REETA DEVI W/O NARAD SINGH R/O H.NO. 3352, JAWALA SINGH NAGAR, MUNDIAN KALAN, LUDHIANA CHANGED MY NAME TO RITA DEVI. 7171, REETA DEVI W/O NARAD SINGH R/O H.NO. 3352, JAWALA SINGH NAGAR, MUNDIAN KALAN, LUDHIANA CHANGED MY NAME TO RITA DEVI. 7171

I, JAGTAR SINGH TUNG S/O BALWANT SINGH TUNG R/O SAHIBANA DISTT. LUDHIANA DECLARE THAT I AM HOLDER OF DRIVING LIECENCE NO. PB1020100350964 ISSUED BY RTA LUDHIANA. IN THIS LIECENCE MY FATHER'S NAME MENTIONED AS BALWANT SINGH BUT ON MY AADHAR CARD MENTIONED AS BALWANT SINGH TUNG. NOW BALWANT SINGH TUNG IS CORRECT NAME.7171

I, Harnoor Kaur D/O Paramjit Singh Jagdev R/O H No 82 Gill, P.O. Gill Ludhiana changed my name to Harnoor Kaur Jagdev.7171

I Ashwani Kumar S/O Sh. Raj Kumar R/O H.no. 2770, Mohalla Rajesh Nagar, Haibowal Kalan, Ludhiana Punjab India have changed my Daughter's name from Kanisha to Kanisha Kapoor. And her Actual and Correct Date of Birth is 28/01/2010

I, Amit Kumar S/o. Ramesh Chander Chhabra R/o. H.No. 605/201, St.No.4, Back Side Police Colony, Sukhdev Nagar, Chandigarh Road, Ludhiana declare that I have changed my name from Amit Chabra to Amit Kumar.

I Santosh Rani D/o Babu Masih and W/o Phool Pati R/o Kaihana, Gurdaspur, Jagowal Ret, Punjab 143528, have changed my name to Asha Kumari.

I Aditya S/o Balbir Singh R/o H.No.-NB-418 Santokpura, Jalandhar-1, Jalandhar, Punjab - 144004, have changed my name to Aditya Singh.

I Kala S/o Jagiri Ram R/o Village Kakra Kalan, Po. Kotla Surajmal, Tehsil Shahkot, Distt. Jalandhar, Punjab- 144703, have changed my name to Sarbjit Singh.

I Veena Rani W/o Shubhash Chander R/o Vill-Tadial, P.O- Badla, Dasuya, Hoshiarpur, Punjab - 144205, have changed my name to Veera Devi.

ਬੇਦਖਲੀ

ਮੈਂ ਰਿਸ਼ਵਿੰਦਰ ਸਿੰਘ ਪੁੱਤਰ ਰਣਜੀਤ ਸ਼ਾਹ ਵਾਸੀ ਮੁਹੱਲਾ ਮੁਕਰਬਿਆਂ ਸਰਹਿੰਦੀ ਗੇਟ ਮਲੇਰਕੋਟਲਾ ਜ਼ਿਲ੍ਹਾ ਮਲੇਰਕੋਟਲਾ ਵਿਆਹ ਕਰਦਾ ਹਾਂ ਕਿ ਮੇਰਾ ਲੜਕਾ ਆਪਣਾ ਮਨੋਂ ਇਸਦੀ ਪਤਨੀ ਦਾ ਨਾਮ ਬਦਲਿਆ ਕਿ ਮੇਰੇ ਕਹਿਣੇ ਤੋਂ ਬਾਹਰ ਹੈ।

ਬੇਦਖਲੀ ਰੱਦ

ਮੈਂ ਬਲਵਿੰਦਰ ਕੌਰ ਪਤਨੀ ਕਰਮਜੀਤ ਸਿੰਘ ਵਾਸੀ ਮਕਾਨ ਨੰਬਰ 414, ਗਲੀ ਨੰਬਰ 4, ਭਾਰਤ ਨਗਰ ਜਾਖੜ ਤਹਿ: ਜ਼ਿਲਾ ਲੁਧਿਆਣਾ ਦਾ ਵਾਸੀ ਹਾਂ। ਮੈਂ ਆਪਣੀ ਬੇਦਖਲੀ ਰੱਦ ਕਰਦੀ ਹਾਂ।

ਮੈਂ ਹਰਜਿੰਦਰ ਸਿੰਘ ਪੁੱਤਰ ਕਰਿਆਮ ਸਿੰਘ ਵਾਸੀ 7/307/3, ਸ਼ਿਵਾ ਵਾਲਾ ਮੁਹੱਲਾ, ਬਹੁਤ ਪਾਲਾ, ਜ਼ਿਲਾ ਪਟਿਆਲਾ ਨੇ ਆਪਣਾ ਬੇਦਖਲੀ ਨੋਟਿਸ ਰੱਦ ਕਰ ਦਿੱਤਾ ਹੈ।

ਆਮ ਸੂਚਨਾ

ਮੈਂ ਸੁਖਦ ਅਗਰਵਾਲ ਪੁੱਤਰ ਵਿਕਾਸ ਗੁਪਤਾ ਵਾਸੀ 353, ਬਲਾਕ-ਈ, ਸਮਿਲਗਾ ਨਗਰ ਸਿਟੀ ਸੈਂਟਰ, ਲੁਧਿਆਣਾ ਦਾ ਵਾਸੀ ਹਾਂ। ਮੇਰੇ ਮਕਾਨ ਦੀ ਰਜਿਸਟਰੀ ਗੁੰਮ ਹੋ ਗਈ ਹੈ।

ਮੈਂ ਜਤਿੰਦਰ ਕੁਮਾਰ ਪੁੱਤਰ ਸਵ: ਬਲਦੇਵ ਰਾਜ ਵਾਸੀ ਮ.ਨੰ. 43/6 ਜਵਾਹਰ ਨਗਰ ਲੁਧਿਆਣਾ-141001 ਦਾ ਵਾਸੀ ਹਾਂ। ਮੇਰਾ ਪਾਸਪੋਰਟ ਗੁੰਮ ਹੋ ਗਿਆ ਹੈ।

ਮੇਰਾ ਨਾਮ Niraj Tej Pal S/o Om Parkash ਪਤਾ ਮਕਾਨ ਨੰ. 750/18 ਗਲੀ ਪਿਆਰੇ ਸਿੰਘ ਵਾਲੀ ਮੈਂਗਾ ਸਟੇਟ PSEB ਵਿੱਚ ਰੱਖਾਂਗਾ। per affidavit No. RVN06959263 dated 18-08-2025 sworn before Executive Magistrate Tarn Taran.

ਮੈਂ ਹਰਪ੍ਰੀਤ ਕੌਰ ਪਤਨੀ ਸਵ. ਸੁਖਵਿੰਦਰ ਸਿੰਘ ਵਾਸੀ ਮਕਾਨ ਨੰਬਰ 605, ਗਲੀ ਨੰਬਰ 6, ਬਲਾਕ ਬੀ, ਬਾਬਾ ਦੀਪ ਸਿੰਘ ਨਗਰ ਪਟਿਆਲਾ ਵਿਆਹ ਕਰਦੀ ਹਾਂ।

Public Notice
ਆਮ ਜਨ ਨੂੰ ਸੂਚਿਤ ਕੀਤਾ ਜਾਂਦਾ ਹੈ ਕਿ ਮੇਰਾ ਪਲਾਟ ਨੰਬਰ 8394 ਕਰਤਾਰ ਨਗਰ ਲੁਧਿਆਣਾ ਦੀ ਅਸਲ ਰਜਿਸਟਰੀ ਗੁੰਮ ਹੋ ਗਈ ਹੈ। ਜੇਕਰ ਕਿਸੇ ਨੂੰ ਮਿਲੇ ਤਾਂ ਸੰਪਰਕ ਕਰੋ। ਫੋਨ: 73080-11581
Boli Suchna

ਸਰਬ ਸਾਧਾਰਣ ਨੂੰ ਸੂਚਿਤ ਕੀਤਾ ਜਾਂਦਾ ਹੈ ਕਿ ਗੁਰਦੁਆਰਾ ਸਾਹਿਬ ਦੀ ਜ਼ਮੀਨ ਦੀ ਬੋਲੀ 8-10-2025 ਨੂੰ ਸਵੇਰੇ 11 ਵਜੇ ਹੋਵੇਗੀ। ਸਰਬ ਸੰਗਤ ਸ਼ਾਮਲ ਹੋਵੇ।

ਸਰਪੰਚ ਸਿੰਘ, ਸਭਾ ਦਫਤਰ। 8968457856

Public Notice
We, Damandeep Singh and Ramandeep Singh were owners of the property measuring 9743 Sq. Yards which is transferred from our father Harwinder Singh vide Transfer Deed No. 3221 Dated 30.12.2016. A.D. Plot No. 111.11 Sq. Yards from property in the AU Small Finance Ltd. on the Loan Transfer Deed. If anyone found my previous Title Deedin favour of Harwinder Singh or Beant Singh, may respond or raise objection within 03 Days, to Advocate Kundra Garg, Mob. No. 977914759.
Public Notice
ਅਸੀਂ ਹਰਜਿੰਦਰ ਸਿੰਘ ਪੁੱਤਰ ਮੋਹਨ ਸਿੰਘ ਵਾਸੀ ਗੁਰਦਾਸਪੁਰ ਨੇ ਆਪਣੀ ਜ਼ਮੀਨ ਦੀ ਵਿਕਰੀ ਸੰਬੰਧੀ ਸੂਚਨਾ ਦਿੱਤੀ ਹੈ। ਜੇਕਰ ਕਿਸੇ ਨੂੰ ਇਤਰਾਜ਼ ਹੋਵੇ ਤਾਂ 7 ਦਿਨਾਂ ਵਿੱਚ ਸੰਪਰਕ ਕਰੇ।
ਮੋਟਰ ਕੁਨੈਕਸ਼ਨ...

ਗੁਰਮੀਤ ਕੌਰ ਜਗਦੀਪ ਸਿੰਘ ਵਾਸੀ ਪਿੰਡ ਵੱਡਾ ਭਾਈ ਗੁਲਾਬ ਸਿੰਘ (ਫਿਰੋਜ਼ਪੁਰ) ਦੇ ਨਾਮ ਚੱਲਦਾ ਟਿਊਬਵੈੱਲ ਕੁਨੈਕਸ਼ਨ ਖਾਤਾ ਨੰਬਰ ਏ ਪੀ 28/1387, 12.5 ਐਚ ਪੀ ਨਾਮ ਬਦਲੀ ਲਈ ਅਰਜ਼ੀ ਦਿੱਤੀ ਗਈ ਹੈ।

ਗੁਰਮੀਤ ਕੌਰ ਜਗਦੀਪ ਸਿੰਘ ਵਾਸੀ ਪਿੰਡ ਵੱਡਾ ਭਾਈ ਗੁਲਾਬ ਸਿੰਘ (ਫਿਰੋਜ਼ਪੁਰ) ਦੇ ਨਾਮ ਚੱਲਦਾ ਟਿਊਬਵੈੱਲ ਕੁਨੈਕਸ਼ਨ ਖਾਤਾ ਨੰਬਰ ਏ ਪੀ 28/1388, 10 ਐਚ ਪੀ ਹਰਮਿੰਦਰ ਸਿੰਘ ਦੇ ਨਾਮ ਤਬਦੀਲ ਕੀਤਾ ਜਾਣਾ ਹੈ।

ਸਹਾਇਕ ਕਾਰਜਕਾਰੀ ਇੰਜੀ. ਉਪ ਮੰਡਲ ਸਦਰ ਤਲਵਾ।

ਇਸ਼ਤਿਹਾਰ ਸੰਬੰਧੀ ਜ਼ਰੂਰੀ ਬੇਨਤੀ

'ਅਦਾਰਾ ਹੱਕ ਸੱਚ ਦਾ ਪਹਿਰੇਦਾਰ' ਅਖ਼ਬਾਰ ਵਿੱਚ ਛਪੇ ਕਿਸੇ ਵੀ ਇਸ਼ਤਿਹਾਰ ਦੀ ਸਹੀ ਜਾਣਕਾਰੀ ਲਈ ਪਾਠਕ ਆਪ ਜਿੰਮੇਵਾਰ ਹੋਣਗੇ। ਅਦਾਰਾ ਕਿਸੇ ਵੀ ਇਸ਼ਤਿਹਾਰ ਦੇ ਸਹੀ ਜਾਂ ਗਲਤ ਹੋਣ ਦੀ ਜਿੰਮੇਵਾਰੀ ਨਹੀਂ ਲੈਂਦਾ।

ਮੈਨੇਜਰ

ਲੁੱਟਾਂ ਖੋਹਾਂ ਕਰਨ ਵਾਲੇ ਦੋ ਨੌਜਵਾਨ ਬਿਨਾ ਨੰਬਰੀ ਮੋਟਰਸਾਈਕਲ ਸਮੇਤ ਕਾਬੂ

ਮੁੱਲਾਂਪੁਰ ਦਾਖਾ, 22 ਸਤੰਬਰ-ਦਵਿੰਦਰ ਸਿੰਘ ਸੈਮੀ- ਥਾਣਾ ਦਾਖਾ ਦੀ ਪੁਲਿਸ ਨੇ ਲੁੱਟਾਂ ਖੋਹਾਂ ਕਰਨ ਵਾਲੇ ਦੋ ਨੌਜਵਾਨਾਂ ਨੂੰ ਬਿਨਾ ਨੰਬਰੀ ਮੋਟਰਸਾਈਕਲ ਸਮੇਤ ਕਾਬੂ ਕੀਤਾ ਹੈ। ਜਾਣਕਾਰੀ ਦਿੰਦਿਆਂ ਡੀ.ਐਸ.ਪੀ. ਦਾਖਾ ਵਰਿੰਦਰ ਸਿੰਘ ਖੋਸਾ ਨੇ ਦੱਸਿਆ ਕਿ ਪੁਲਿਸ ਪਾਰਟੀ ਗਸ਼ਤ ਦੌਰਾਨ ਸ਼ੱਕੀ ਵਿਅਕਤੀਆਂ ਦੀ ਚੈਕਿੰਗ ਕਰ ਰਹੀ ਸੀ।

25 ਤੋਂ ਹੋਵੇਗੀ ਰਾਮਲੀਲਾ ਦੇ ਮੰਚਨ ਦੀ ਸ਼ੁਰੂਆਤ

ਮਲੇਰਕੋਟਲਾ, 22 ਸਤੰਬਰ (ਗੁਰਮੀਤ ਸਿੰਘ ਚੌਹਾਨ) ਸ੍ਰੀ ਰਾਮਲੀਲਾ ਕਮੇਟੀ (ਰਜਿ.) ਮਲੇਰਕੋਟਲਾ ਵੱਲੋਂ ਸ਼੍ਰੀ ਰਾਮਲੀਲਾ ਦੇ ਮੰਚਨ ਦੀ ਸ਼ੁਰੂਆਤ 25 ਸਤੰਬਰ ਤੋਂ ਕੀਤੀ ਜਾ ਰਹੀ ਹੈ। ਕਮੇਟੀ ਦੇ ਪ੍ਰਧਾਨ ਨੇ ਦੱਸਿਆ ਕਿ ਇਸ ਵਾਰ ਰਾਮਲੀਲਾ ਦਾ ਮੰਚਨ ਵਿਸ਼ੇਸ਼ ਢੰਗ ਨਾਲ ਕੀਤਾ ਜਾਵੇਗਾ ਅਤੇ ਸਾਰੀਆਂ ਤਿਆਰੀਆਂ ਮੁਕੰਮਲ ਕਰ ਲਈਆਂ ਗਈਆਂ ਹਨ।

ਈ.ਵੀ.ਐਮ. ਹਟਾਓ, ਬੈਲਟ ਪੇਪਰ ਲਿਆਓ, ਭਾਰਤੀ ਲੋਕਤੰਤਰ ਬਚਾਉ ਦੇ ਕਪੜੇ ਪਾਕੇ ਸਮਾਜ ਸੇਵੀ ਨੇ ਕੀਤਾ ਅਨੋਖਾ ਪ੍ਰਦਰਸ਼ਨ

ਜ਼ੀਰਾ,22 ਸਤੰਬਰ (ਮਨਜੀਤ ਢਿੱਲੋਂ)- ਇਲਾਕੇ ਦੇ ਪ੍ਰਸਿੱਧ ਸਮਾਜ ਸੇਵੀ ਨੇ ਈ.ਵੀ.ਐਮ. ਹਟਾਓ ਅਤੇ ਬੈਲਟ ਪੇਪਰ ਲਿਆਓ ਦੇ ਨਾਅਰੇ ਲਿਖੇ ਕਪੜੇ ਪਾ ਕੇ ਅਨੋਖਾ ਪ੍ਰਦਰਸ਼ਨ ਕੀਤਾ। ਉਹਨਾਂ ਕਿਹਾ ਕਿ ਭਾਰਤ ਦੀ ਇਸ ਸਮੇਂ ਸਭ ਤੋਂ ਵੱਡੀ ਚਿੰਤਾ ਚੋਣ ਪ੍ਰਕਿਰਿਆ ਦੀ ਪਾਰਦਰਸ਼ਤਾ ਹੈ। ਉਹਨਾਂ ਕਿਹਾ ਕਿ ਲੋਕਤੰਤਰ ਨੂੰ ਬਚਾਉਣ ਲਈ ਜਾਗਰੂਕ ਕਰਨਾ ਹੈ।	EVM
ਇਸ਼ਤਿਹਾਰ ਅਤੇ ਕਲਾਸੀਫਾਈਡ ਕੇਵਲ ਅਦਾਰਾ 'ਪਹਿਰੇਦਾਰ' ਦੀ ਈ-ਮੇਲ rozanapehredaradvt@gmail.com 'ਤੇ ਹੀ ਭੇਜੇ ਜਾਣ।
